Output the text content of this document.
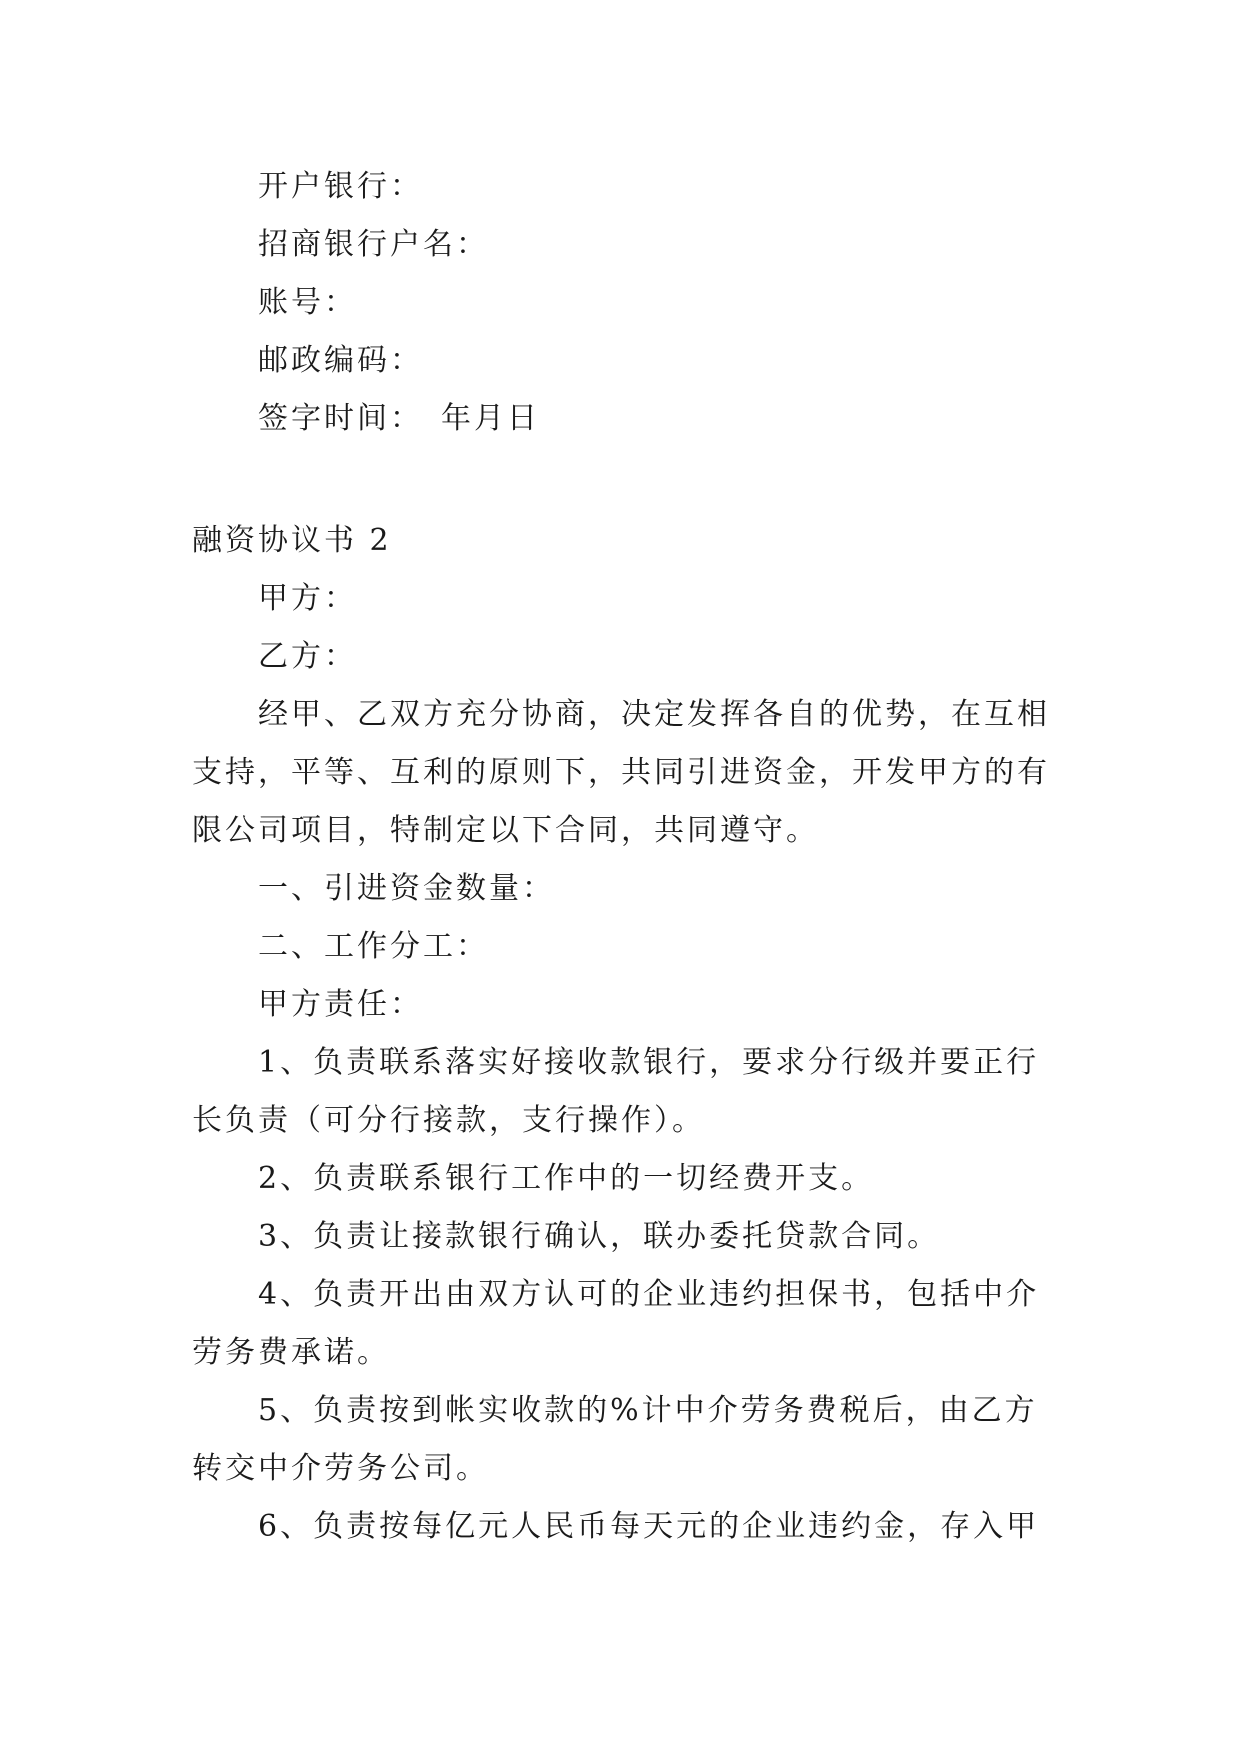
开户银行：

招商银行户名：

账号：

邮政编码：

签字时间：　年月日

融资协议书 2

甲方：

乙方：

经甲、乙双方充分协商，决定发挥各自的优势，在互相支持，平等、互利的原则下，共同引进资金，开发甲方的有限公司项目，特制定以下合同，共同遵守。

一、引进资金数量：

二、工作分工：

甲方责任：

1、负责联系落实好接收款银行，要求分行级并要正行长负责（可分行接款，支行操作）。

2、负责联系银行工作中的一切经费开支。

3、负责让接款银行确认，联办委托贷款合同。

4、负责开出由双方认可的企业违约担保书，包括中介劳务费承诺。

5、负责按到帐实收款的%计中介劳务费税后，由乙方转交中介劳务公司。

6、负责按每亿元人民币每天元的企业违约金，存入甲
